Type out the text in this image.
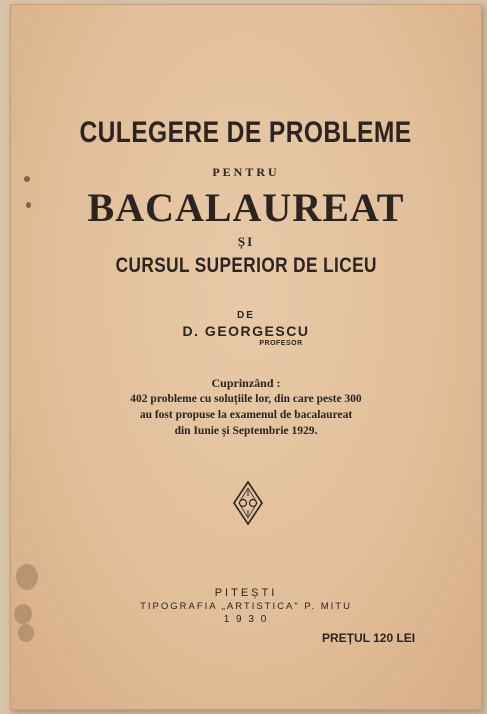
CULEGERE DE PROBLEME
PENTRU
BACALAUREAT
ȘI
CURSUL SUPERIOR DE LICEU
DE
D. GEORGESCU
PROFESOR
Cuprinzând :
402 probleme cu soluțiile lor, din care peste 300
au fost propuse la examenul de bacalaureat
din Iunie și Septembrie 1929.
PITEȘTI
TIPOGRAFIA „ARTISTICA" P. MITU
1 9 3 0
PREȚUL 120 LEI
